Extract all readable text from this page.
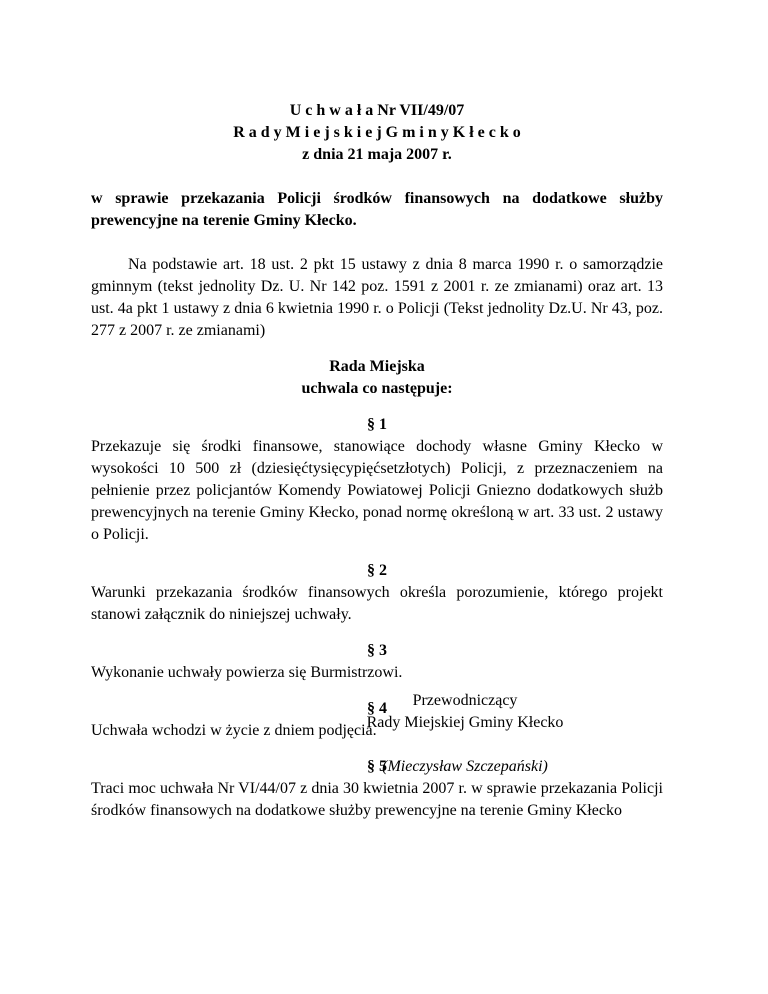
U c h w a ł a Nr VII/49/07

R a d y M i e j s k i e j G m i n y K ł e c k o

z dnia 21 maja 2007 r.

w sprawie przekazania Policji środków finansowych na dodatkowe służby prewencyjne na terenie Gminy Kłecko.

Na podstawie art. 18 ust. 2 pkt 15 ustawy z dnia 8 marca 1990 r. o samorządzie gminnym (tekst jednolity Dz. U. Nr 142 poz. 1591 z 2001 r. ze zmianami) oraz art. 13 ust. 4a pkt 1 ustawy z dnia 6 kwietnia 1990 r. o Policji (Tekst jednolity Dz.U. Nr 43, poz. 277 z 2007 r. ze zmianami)

Rada Miejska

uchwala co następuje:

§ 1

Przekazuje się środki finansowe, stanowiące dochody własne Gminy Kłecko w wysokości 10 500 zł (dziesięćtysięcypięćsetzłotych) Policji, z przeznaczeniem na pełnienie przez policjantów Komendy Powiatowej Policji Gniezno dodatkowych służb prewencyjnych na terenie Gminy Kłecko, ponad normę określoną w art. 33 ust. 2 ustawy o Policji.

§ 2

Warunki przekazania środków finansowych określa porozumienie, którego projekt stanowi załącznik do niniejszej uchwały.

§ 3

Wykonanie uchwały powierza się Burmistrzowi.

§ 4

Uchwała wchodzi w życie z dniem podjęcia.

§ 5

Traci moc uchwała Nr VI/44/07 z dnia 30 kwietnia 2007 r. w sprawie przekazania Policji środków finansowych na dodatkowe służby prewencyjne na terenie Gminy Kłecko

Przewodniczący

Rady Miejskiej Gminy Kłecko

(Mieczysław Szczepański)
